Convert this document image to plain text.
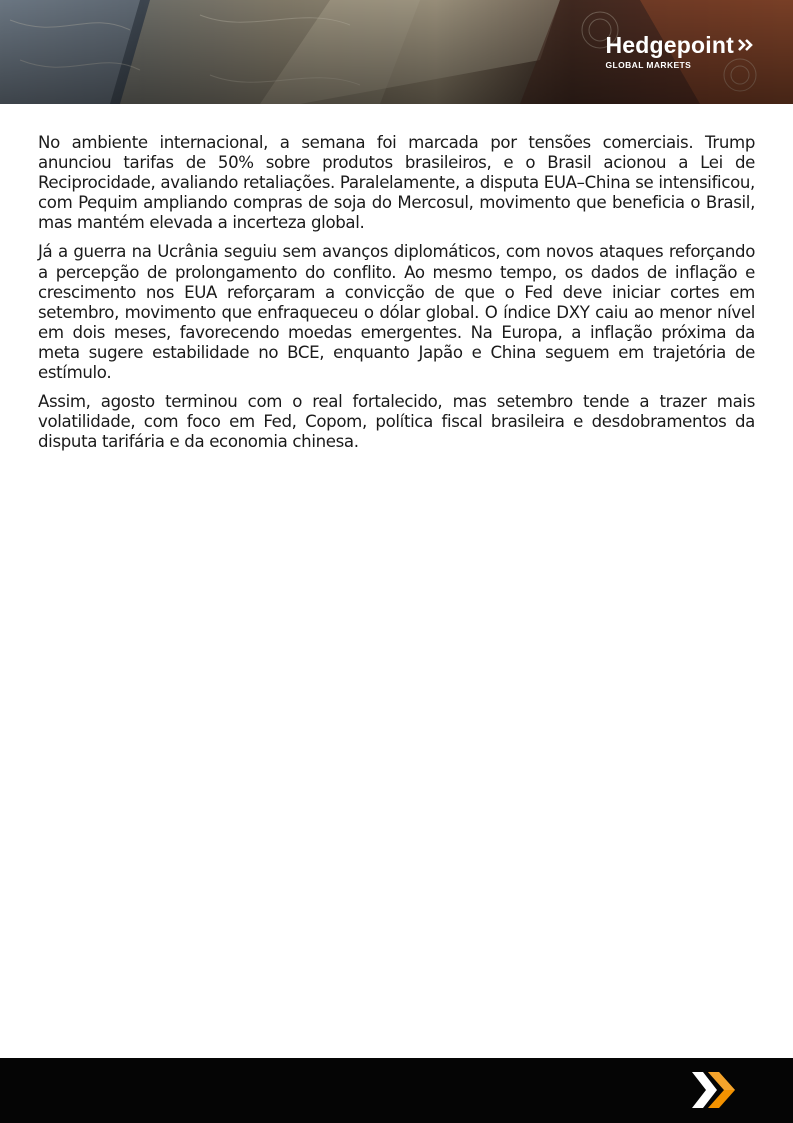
Hedgepoint
GLOBAL MARKETS

No ambiente internacional, a semana foi marcada por tensões comerciais. Trump anunciou tarifas de 50% sobre produtos brasileiros, e o Brasil acionou a Lei de Reciprocidade, avaliando retaliações. Paralelamente, a disputa EUA–China se intensificou, com Pequim ampliando compras de soja do Mercosul, movimento que beneficia o Brasil, mas mantém elevada a incerteza global.

Já a guerra na Ucrânia seguiu sem avanços diplomáticos, com novos ataques reforçando a percepção de prolongamento do conflito. Ao mesmo tempo, os dados de inflação e crescimento nos EUA reforçaram a convicção de que o Fed deve iniciar cortes em setembro, movimento que enfraqueceu o dólar global. O índice DXY caiu ao menor nível em dois meses, favorecendo moedas emergentes. Na Europa, a inflação próxima da meta sugere estabilidade no BCE, enquanto Japão e China seguem em trajetória de estímulo.

Assim, agosto terminou com o real fortalecido, mas setembro tende a trazer mais volatilidade, com foco em Fed, Copom, política fiscal brasileira e desdobramentos da disputa tarifária e da economia chinesa.
